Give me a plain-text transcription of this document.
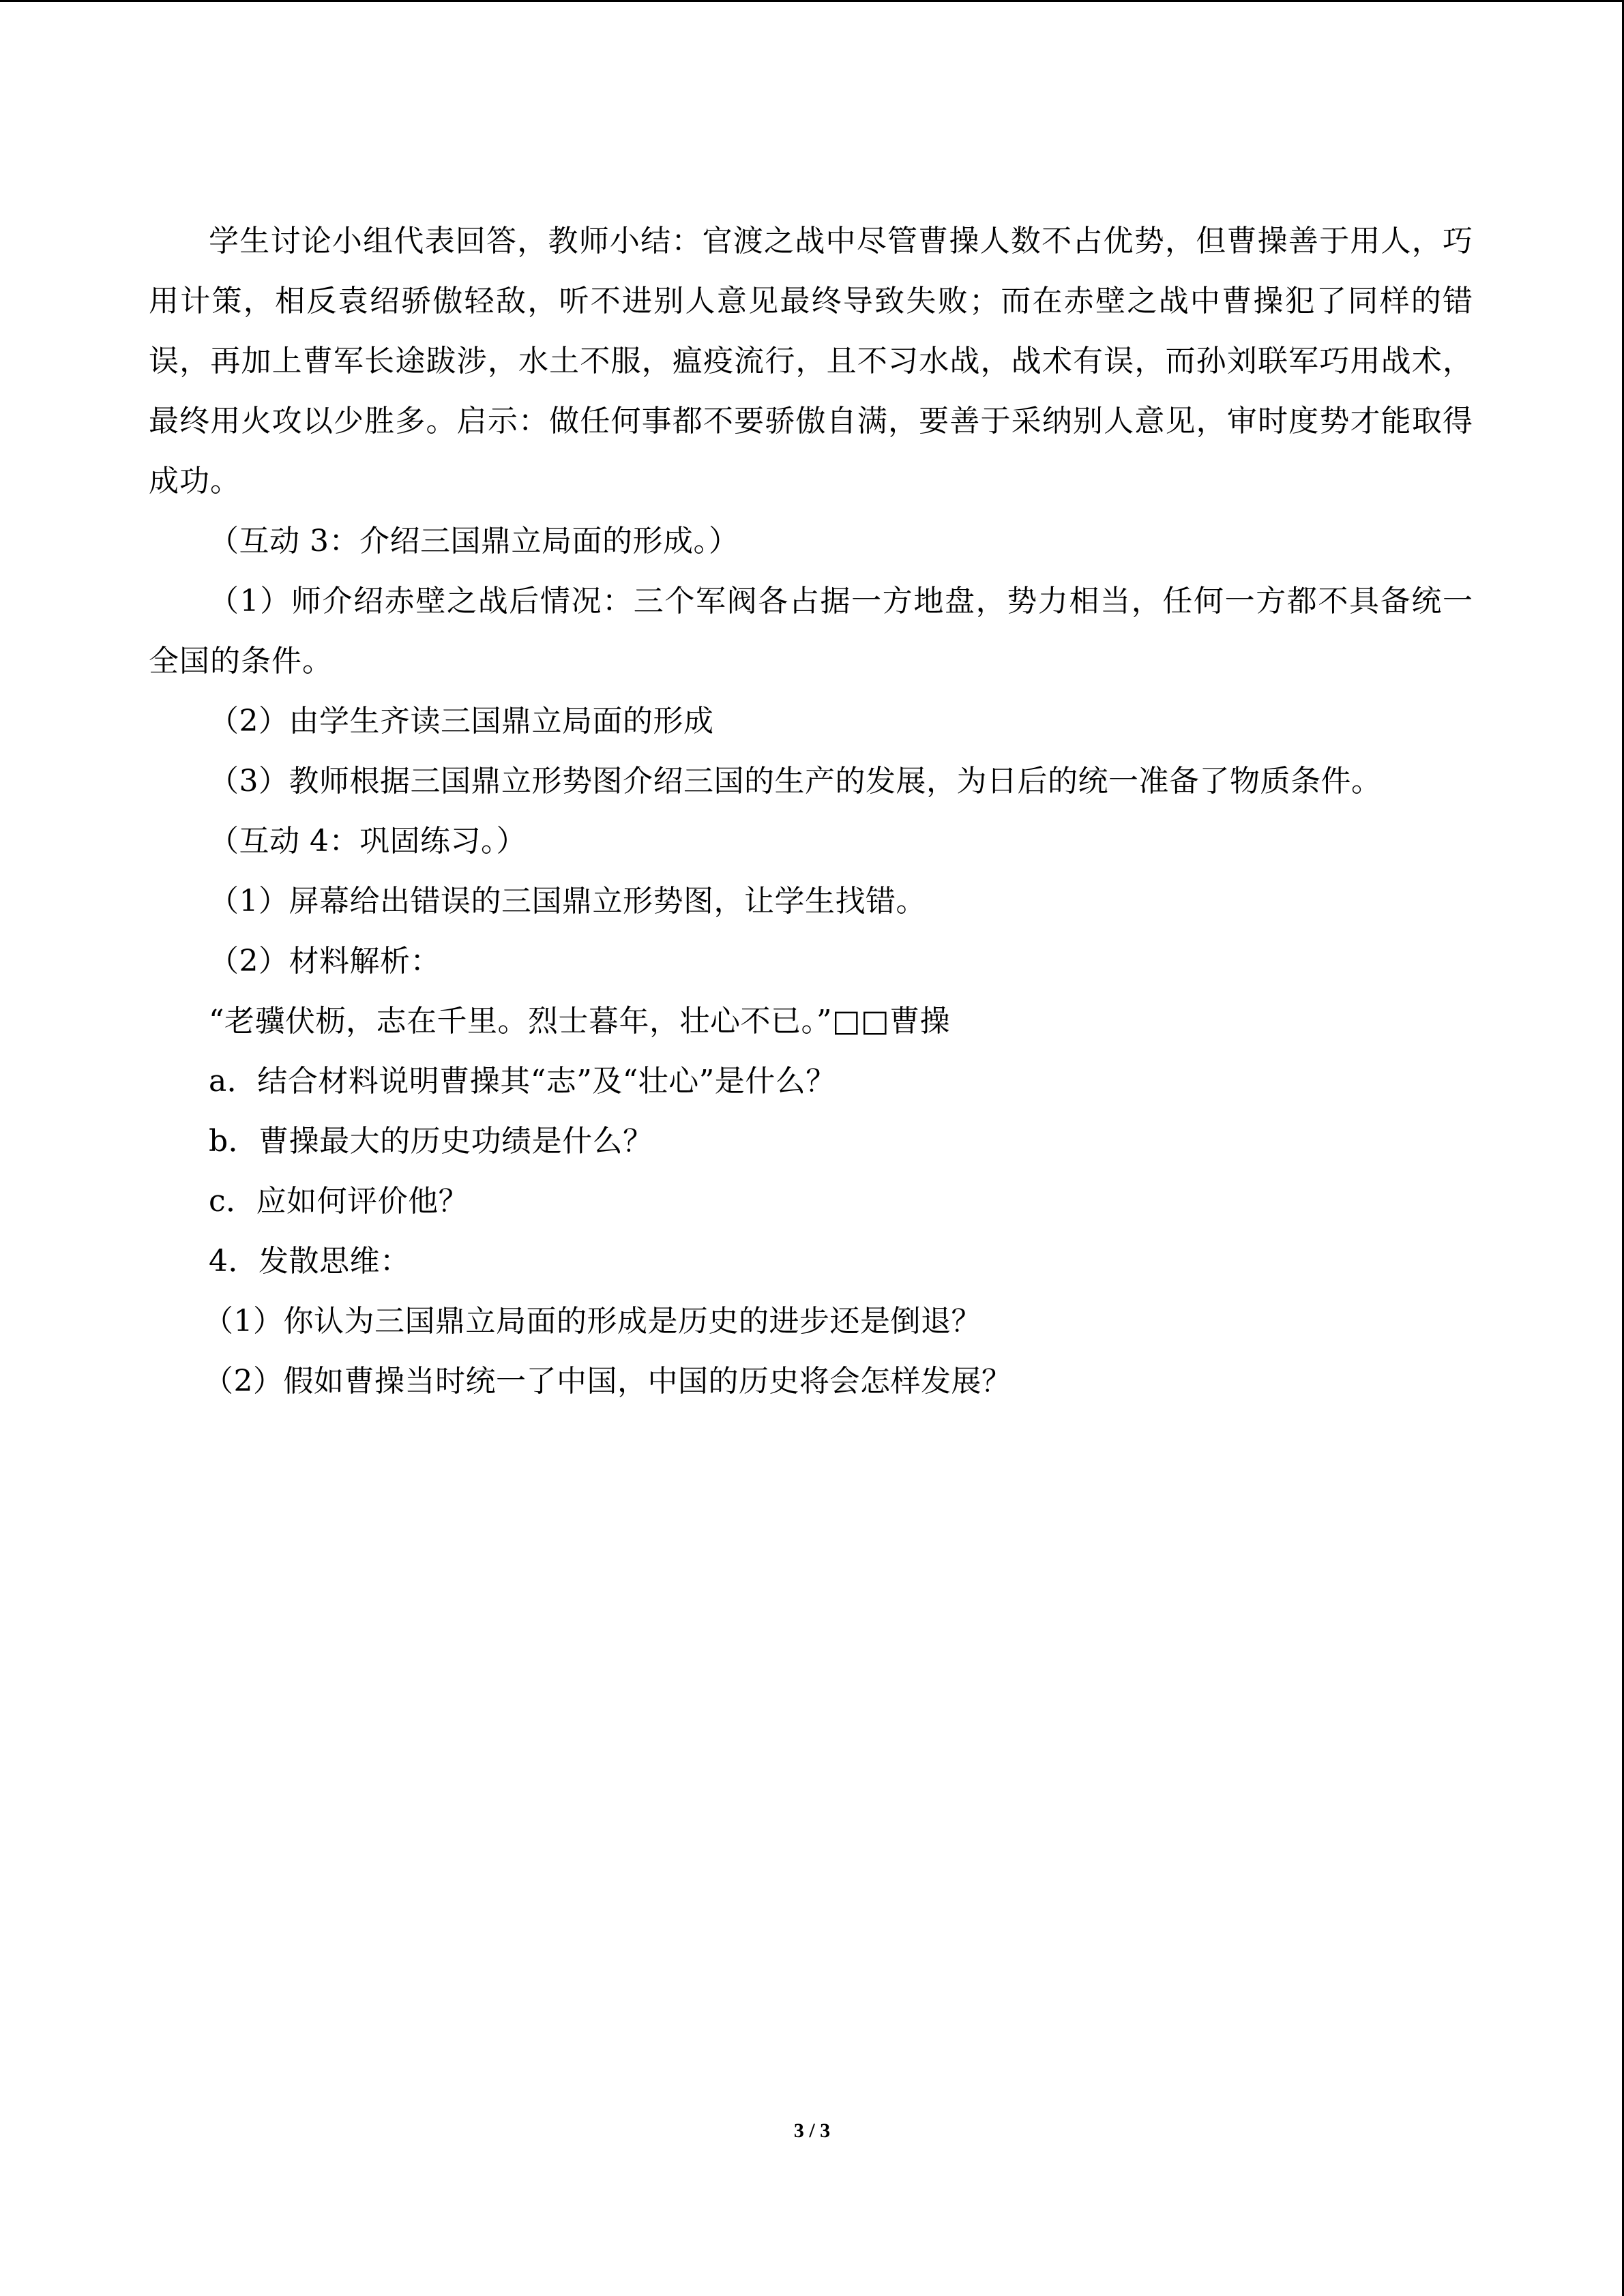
学生讨论小组代表回答，教师小结：官渡之战中尽管曹操人数不占优势，但曹操善于用人，巧用计策，相反袁绍骄傲轻敌，听不进别人意见最终导致失败；而在赤壁之战中曹操犯了同样的错误，再加上曹军长途跋涉，水土不服，瘟疫流行，且不习水战，战术有误，而孙刘联军巧用战术，最终用火攻以少胜多。启示：做任何事都不要骄傲自满，要善于采纳别人意见，审时度势才能取得成功。
（互动 3：介绍三国鼎立局面的形成。）
（1）师介绍赤壁之战后情况：三个军阀各占据一方地盘，势力相当，任何一方都不具备统一全国的条件。
（2）由学生齐读三国鼎立局面的形成
（3）教师根据三国鼎立形势图介绍三国的生产的发展，为日后的统一准备了物质条件。
（互动 4：巩固练习。）
（1）屏幕给出错误的三国鼎立形势图，让学生找错。
（2）材料解析：
“老骥伏枥，志在千里。烈士暮年，壮心不已。”□□曹操
a．结合材料说明曹操其“志”及“壮心”是什么？
b．曹操最大的历史功绩是什么？
c．应如何评价他？
4．发散思维：
（1）你认为三国鼎立局面的形成是历史的进步还是倒退？
（2）假如曹操当时统一了中国，中国的历史将会怎样发展？
3 / 3
